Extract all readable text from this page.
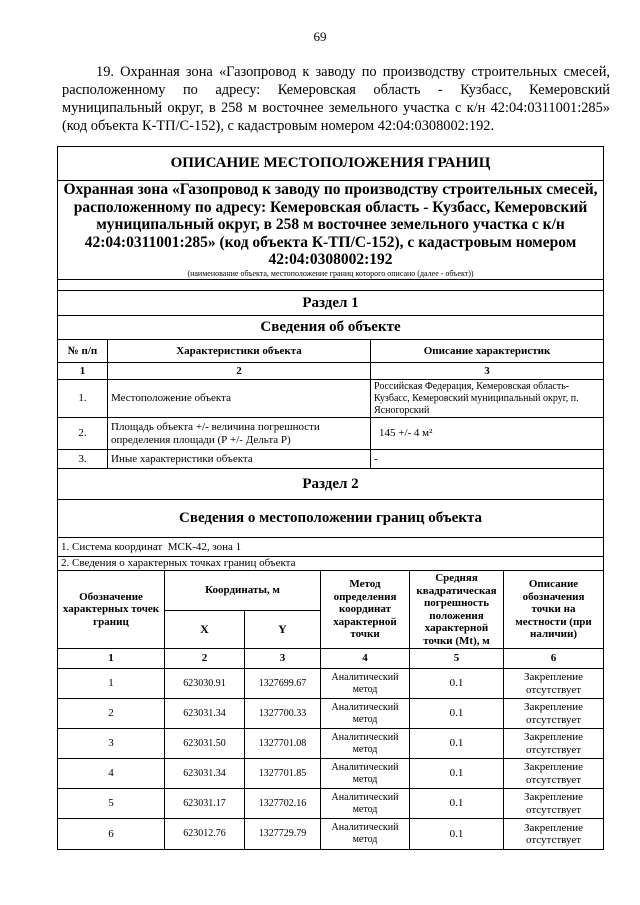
69
19. Охранная зона «Газопровод к заводу по производству строительных смесей, расположенному по адресу: Кемеровская область - Кузбасс, Кемеровский муниципальный округ, в 258 м восточнее земельного участка с к/н 42:04:0311001:285» (код объекта К-ТП/С-152), с кадастровым номером 42:04:0308002:192.
ОПИСАНИЕ МЕСТОПОЛОЖЕНИЯ ГРАНИЦ							
Охранная зона «Газопровод к заводу по производству строительных смесей, расположенному по адресу: Кемеровская область - Кузбасс, Кемеровский муниципальный округ, в 258 м восточнее земельного участка с к/н 42:04:0311001:285» (код объекта К-ТП/С-152), с кадастровым номером 42:04:0308002:192							
(наименование объекта, местоположение границ которого описано (далее - объект))							

Раздел 1							
Сведения об объекте							
№ п/п	Характеристики объекта				Описание характеристик		
1	2				3		
1.	Местоположение объекта				Российская Федерация, Кемеровская область-Кузбасс, Кемеровский муниципальный округ, п. Ясногорский		
2.	Площадь объекта +/- величина погрешности определения площади (Р +/- Дельта Р)				145 +/- 4 м²		
3.	Иные характеристики объекта				-		
Раздел 2							
Сведения о местоположении границ объекта							
1. Система координат МСК-42, зона 1							
2. Сведения о характерных точках границ объекта							
Обозначение характерных точек границ		Координаты, м		Метод определения координат характерной точки		Средняя квадратическая погрешность положения характерной точки (Mt), м	Описание обозначения точки на местности (при наличии)
		X	Y				
1		2	3	4		5	6
1		623030.91	1327699.67	Аналитический метод		0.1	Закрепление отсутствует
2		623031.34	1327700.33	Аналитический метод		0.1	Закрепление отсутствует
3		623031.50	1327701.08	Аналитический метод		0.1	Закрепление отсутствует
4		623031.34	1327701.85	Аналитический метод		0.1	Закрепление отсутствует
5		623031.17	1327702.16	Аналитический метод		0.1	Закрепление отсутствует
6		623012.76	1327729.79	Аналитический метод		0.1	Закрепление отсутствует
